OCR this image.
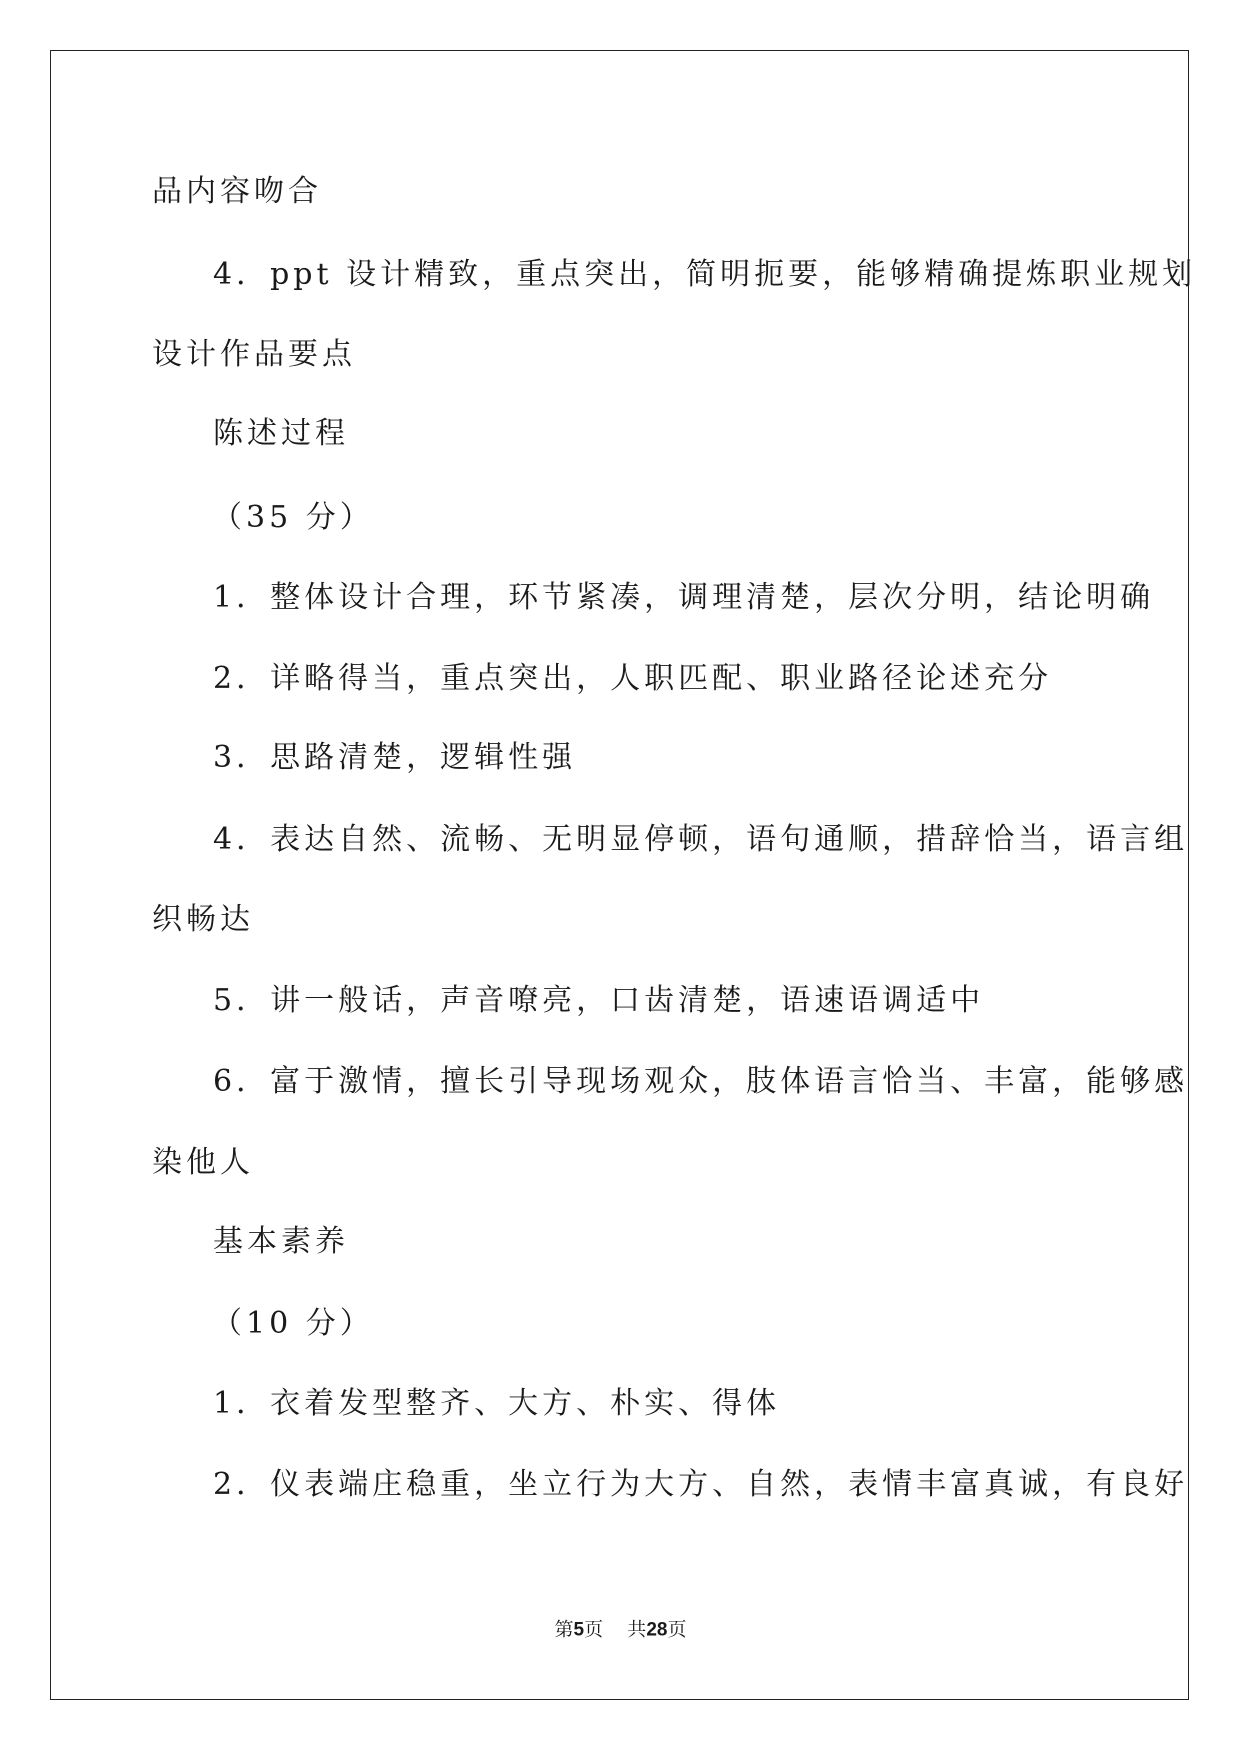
品内容吻合
4．ppt 设计精致，重点突出，简明扼要，能够精确提炼职业规划
设计作品要点
陈述过程
（35 分）
1．整体设计合理，环节紧凑，调理清楚，层次分明，结论明确
2．详略得当，重点突出，人职匹配、职业路径论述充分
3．思路清楚，逻辑性强
4．表达自然、流畅、无明显停顿，语句通顺，措辞恰当，语言组
织畅达
5．讲一般话，声音嘹亮，口齿清楚，语速语调适中
6．富于激情，擅长引导现场观众，肢体语言恰当、丰富，能够感
染他人
基本素养
（10 分）
1．衣着发型整齐、大方、朴实、得体
2．仪表端庄稳重，坐立行为大方、自然，表情丰富真诚，有良好
第5页 共28页
